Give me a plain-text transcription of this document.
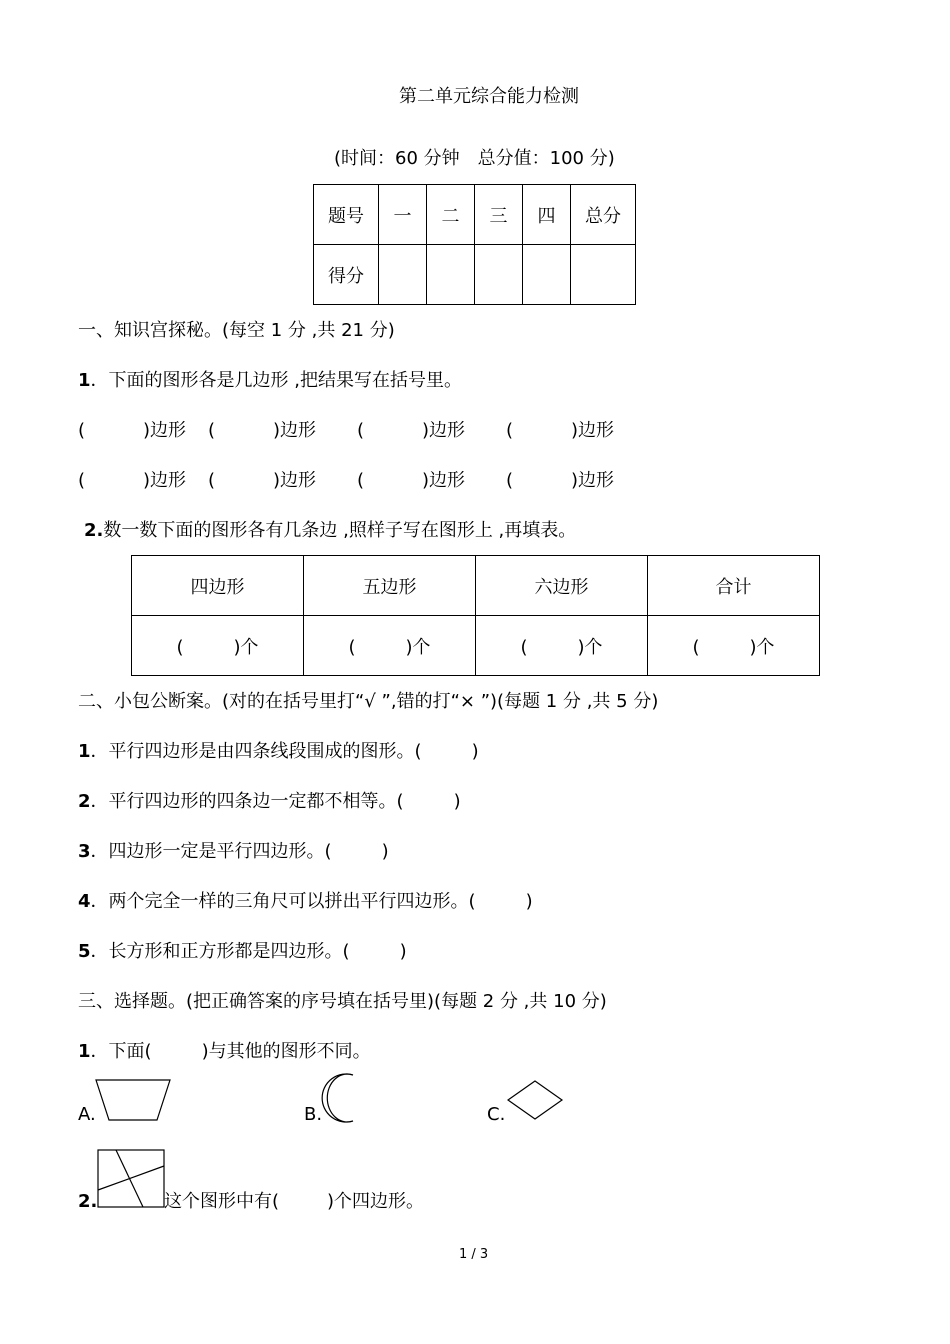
第二单元综合能力检测
(时间：60 分钟　总分值：100 分)
题号	一	二	三	四	总分
得分					
一、知识宫探秘。(每空 1 分 ,共 21 分)
1．下面的图形各是几边形 ,把结果写在括号里。
(	)边形 (	)边形 (	)边形 (	)边形
(	)边形 (	)边形 (	)边形 (	)边形
2.数一数下面的图形各有几条边 ,照样子写在图形上 ,再填表。
四边形	五边形	六边形	合计
( )个	( )个	( )个	( )个
二、小包公断案。(对的在括号里打“√ ”,错的打“× ”)(每题 1 分 ,共 5 分)
1．平行四边形是由四条线段围成的图形。(	)
2．平行四边形的四条边一定都不相等。(	)
3．四边形一定是平行四边形。(	)
4．两个完全一样的三角尺可以拼出平行四边形。(	)
5．长方形和正方形都是四边形。(	)
三、选择题。(把正确答案的序号填在括号里)(每题 2 分 ,共 10 分)
1．下面(	)与其他的图形不同。
A.	B.	C.
2.	这个图形中有(	)个四边形。
1 / 3
